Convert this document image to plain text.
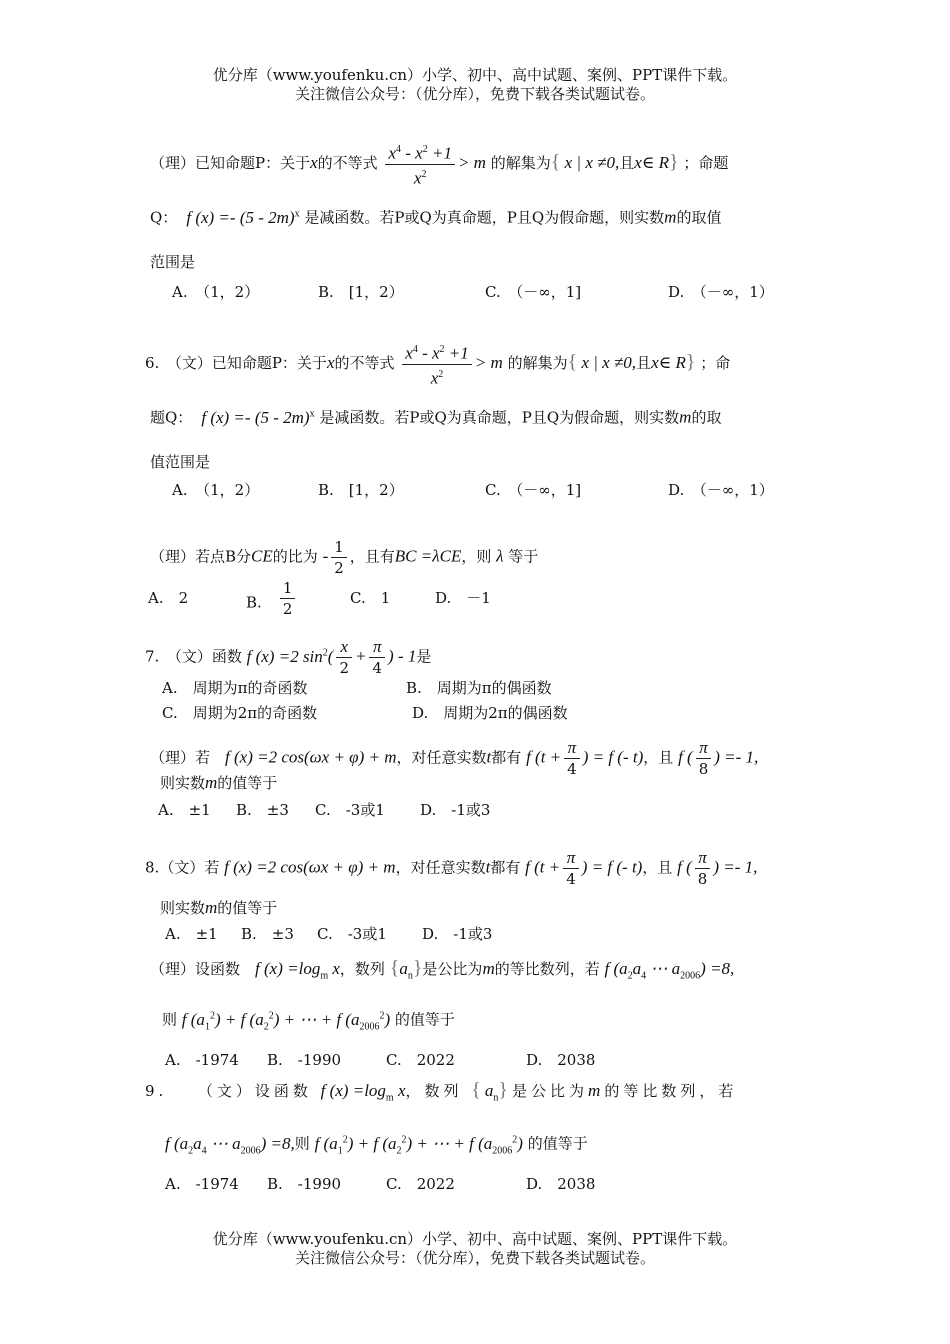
优分库（www.youfenku.cn）小学、初中、高中试题、案例、PPT课件下载。
关注微信公众号：（优分库），免费下载各类试题试卷。
（理）已知命题P：关于x的不等式 $\frac{x^4 - x^2 +1}{x^2} > m$ 的解集为{ x | x ≠0,且x∈ R} ；命题
Q：  f (x) =- (5 - 2m)$^x$ 是减函数。若P或Q为真命题，P且Q为假命题，则实数m的取值
范围是
A.　（1，2）	B.　[1，2）	C.　（－∞，1]	D.　（－∞，1）
6.　 （文）已知命题P：关于x的不等式 $\frac{x^4 - x^2 +1}{x^2} > m$ 的解集为{ x | x ≠0,且x∈ R} ；命
题Q：  f (x) =- (5 - 2m)$^x$ 是减函数。若P或Q为真命题，P且Q为假命题，则实数m的取
值范围是
A.　（1，2）	B.　[1，2）	C.　（－∞，1]	D.　（－∞，1）
（理）若点B分CE的比为 - $\frac{1}{2}$ ，且有BC =λCE，则 λ 等于
A.　2	B.　 $\frac{1}{2}$	C.　1	D.　－1
7.　 （文）函数 f (x) =2 $\sin^2( \frac{x}{2} + \frac{\pi}{4}$ ) - 1是
A.　周期为π的奇函数	B.　周期为π的偶函数
C.　周期为2π的奇函数	D.　周期为2π的偶函数
（理）若　 f (x) =2 cos(ωx + φ) + m，对任意实数t都有 f ($t + \frac{\pi}{4}$ ) = f (- t)，且 f ( $\frac{\pi}{8}$ ) =- 1,
则实数m的值等于
A.　±1 B.　±3 C.　-3或1 D.　-1或3
8.（文）若 f (x) =2 cos(ωx + φ) + m，对任意实数t都有 f ($t + \frac{\pi}{4}$ ) = f (- t)，且 f ( $\frac{\pi}{8}$ ) =- 1,
则实数m的值等于
A.　±1 B.　±3 C.　-3或1 D.　-1或3
（理）设函数　 f $(x) =\log_m$ x，数列 $\{a_n\}$是公比为m的等比数列，若 f ($a_2a_4$ ⋯ $a_{2006}) =8$,
则 f $(a_1^2) + f$ $(a_2^2)$ + ⋯ + f $(a_{2006}^2)$ 的值等于
A.　-1974 B.　-1990	C.　2022	D.　2038
9.　　	（文）设函数 f $(x) =\log_m$ x，数列 $\{a_n\}$是公比为m的等比数列，若
f ($a_2a_4$ ⋯ $a_{2006}) =8$,则 f $(a_1^2) + f$ $(a_2^2)$ + ⋯ + f $(a_{2006}^2)$ 的值等于
A.　-1974 B.　-1990	C.　2022	D.　2038
优分库（www.youfenku.cn）小学、初中、高中试题、案例、PPT课件下载。
关注微信公众号：（优分库），免费下载各类试题试卷。
